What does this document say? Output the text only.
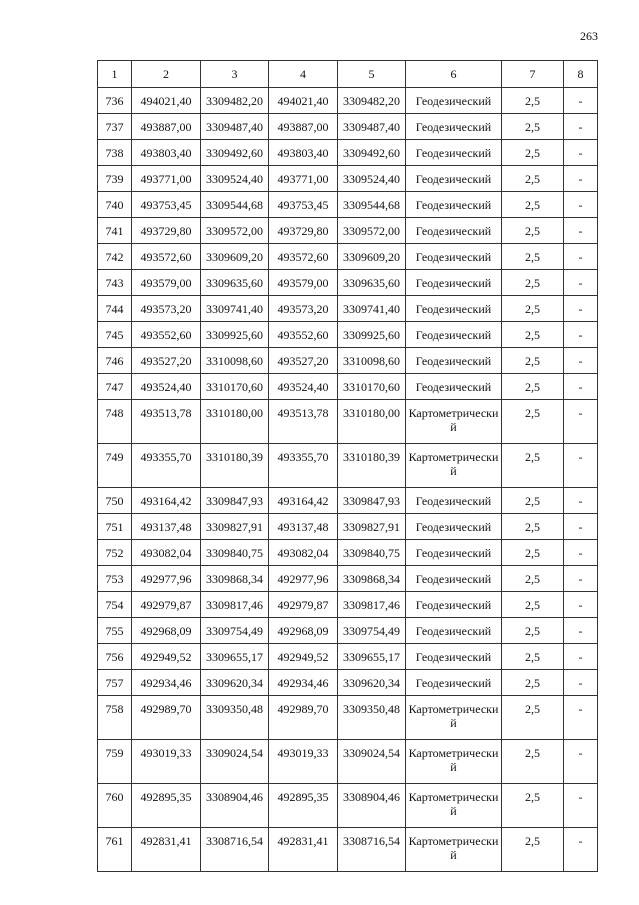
263
1	2	3	4	5	6	7	8
736	494021,40	3309482,20	494021,40	3309482,20	Геодезический	2,5	-
737	493887,00	3309487,40	493887,00	3309487,40	Геодезический	2,5	-
738	493803,40	3309492,60	493803,40	3309492,60	Геодезический	2,5	-
739	493771,00	3309524,40	493771,00	3309524,40	Геодезический	2,5	-
740	493753,45	3309544,68	493753,45	3309544,68	Геодезический	2,5	-
741	493729,80	3309572,00	493729,80	3309572,00	Геодезический	2,5	-
742	493572,60	3309609,20	493572,60	3309609,20	Геодезический	2,5	-
743	493579,00	3309635,60	493579,00	3309635,60	Геодезический	2,5	-
744	493573,20	3309741,40	493573,20	3309741,40	Геодезический	2,5	-
745	493552,60	3309925,60	493552,60	3309925,60	Геодезический	2,5	-
746	493527,20	3310098,60	493527,20	3310098,60	Геодезический	2,5	-
747	493524,40	3310170,60	493524,40	3310170,60	Геодезический	2,5	-
748	493513,78	3310180,00	493513,78	3310180,00	Картометрический	2,5	-
749	493355,70	3310180,39	493355,70	3310180,39	Картометрический	2,5	-
750	493164,42	3309847,93	493164,42	3309847,93	Геодезический	2,5	-
751	493137,48	3309827,91	493137,48	3309827,91	Геодезический	2,5	-
752	493082,04	3309840,75	493082,04	3309840,75	Геодезический	2,5	-
753	492977,96	3309868,34	492977,96	3309868,34	Геодезический	2,5	-
754	492979,87	3309817,46	492979,87	3309817,46	Геодезический	2,5	-
755	492968,09	3309754,49	492968,09	3309754,49	Геодезический	2,5	-
756	492949,52	3309655,17	492949,52	3309655,17	Геодезический	2,5	-
757	492934,46	3309620,34	492934,46	3309620,34	Геодезический	2,5	-
758	492989,70	3309350,48	492989,70	3309350,48	Картометрический	2,5	-
759	493019,33	3309024,54	493019,33	3309024,54	Картометрический	2,5	-
760	492895,35	3308904,46	492895,35	3308904,46	Картометрический	2,5	-
761	492831,41	3308716,54	492831,41	3308716,54	Картометрический	2,5	-
